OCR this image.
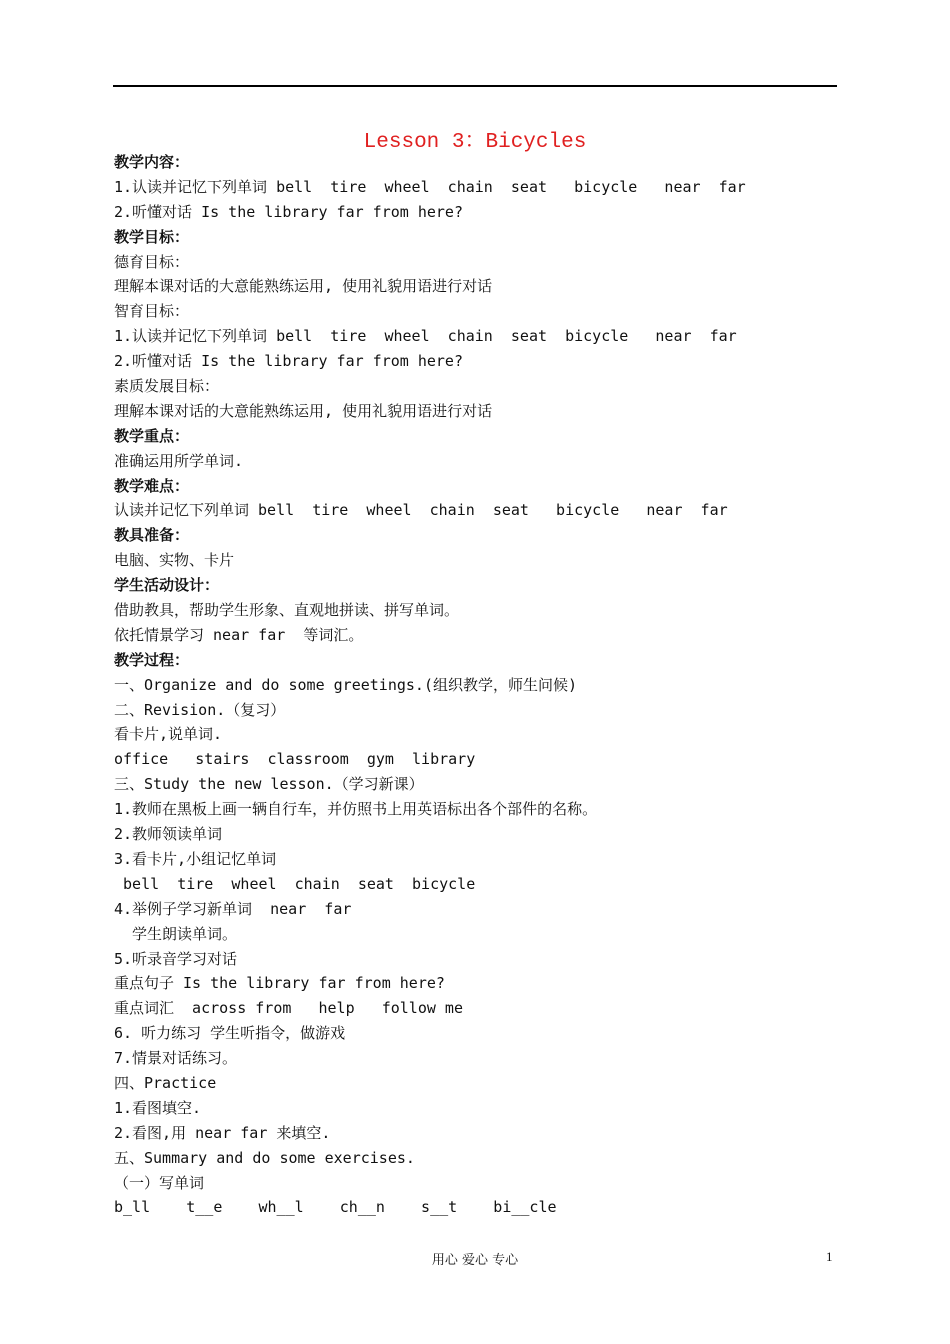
Lesson 3：Bicycles
教学内容：
1.认读并记忆下列单词 bell  tire  wheel  chain  seat   bicycle   near  far
2.听懂对话 Is the library far from here?
教学目标：
德育目标：
理解本课对话的大意能熟练运用, 使用礼貌用语进行对话
智育目标：
1.认读并记忆下列单词 bell  tire  wheel  chain  seat  bicycle   near  far
2.听懂对话 Is the library far from here?
素质发展目标：
理解本课对话的大意能熟练运用, 使用礼貌用语进行对话
教学重点：
准确运用所学单词.
教学难点：
认读并记忆下列单词 bell  tire  wheel  chain  seat   bicycle   near  far
教具准备：
电脑、实物、卡片
学生活动设计：
借助教具，帮助学生形象、直观地拼读、拼写单词。
依托情景学习 near far  等词汇。
教学过程：
一、Organize and do some greetings.(组织教学，师生问候)
二、Revision.（复习）
看卡片,说单词.
office   stairs  classroom  gym  library
三、Study the new lesson.（学习新课）
1.教师在黑板上画一辆自行车，并仿照书上用英语标出各个部件的名称。
2.教师领读单词
3.看卡片,小组记忆单词
bell  tire  wheel  chain  seat  bicycle
4.举例子学习新单词  near  far
学生朗读单词。
5.听录音学习对话
重点句子 Is the library far from here?
重点词汇  across from   help   follow me
6. 听力练习 学生听指令，做游戏
7.情景对话练习。
四、Practice
1.看图填空.
2.看图,用 near far 来填空.
五、Summary and do some exercises.
（一）写单词
b_ll    t__e    wh__l    ch__n    s__t    bi__cle
用心 爱心 专心	1
